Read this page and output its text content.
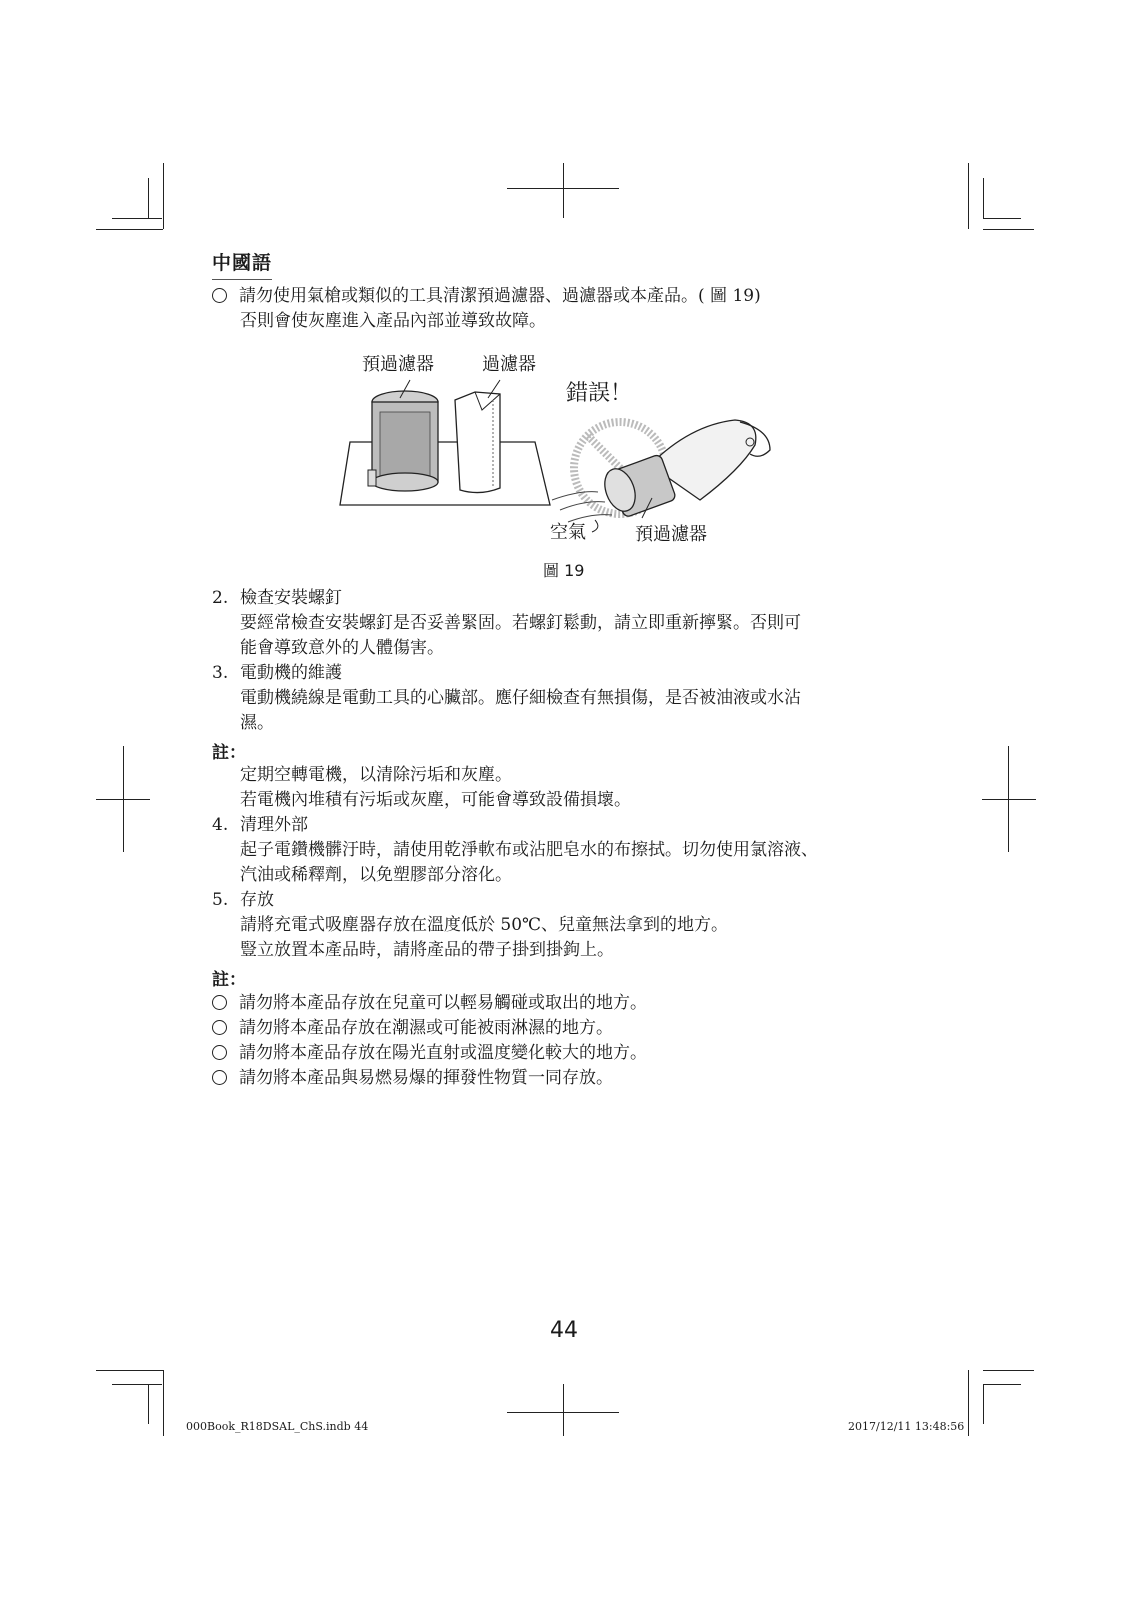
中國語
請勿使用氣槍或類似的工具清潔預過濾器、過濾器或本產品。( 圖 19)
否則會使灰塵進入產品內部並導致故障。
預過濾器	過濾器
錯誤！
空氣	預過濾器
圖 19
2. 檢查安裝螺釘
要經常檢查安裝螺釘是否妥善緊固。若螺釘鬆動，請立即重新擰緊。否則可
能會導致意外的人體傷害。
3. 電動機的維護
電動機繞線是電動工具的心臟部。應仔細檢查有無損傷，是否被油液或水沾
濕。
註：
定期空轉電機，以清除污垢和灰塵。
若電機內堆積有污垢或灰塵，可能會導致設備損壞。
4. 清理外部
起子電鑽機髒汙時，請使用乾淨軟布或沾肥皂水的布擦拭。切勿使用氯溶液、
汽油或稀釋劑，以免塑膠部分溶化。
5. 存放
請將充電式吸塵器存放在溫度低於 50℃、兒童無法拿到的地方。
豎立放置本產品時，請將產品的帶子掛到掛鉤上。
註：
請勿將本產品存放在兒童可以輕易觸碰或取出的地方。
請勿將本產品存放在潮濕或可能被雨淋濕的地方。
請勿將本產品存放在陽光直射或溫度變化較大的地方。
請勿將本產品與易燃易爆的揮發性物質一同存放。
44
000Book_R18DSAL_ChS.indb 44	2017/12/11 13:48:56
